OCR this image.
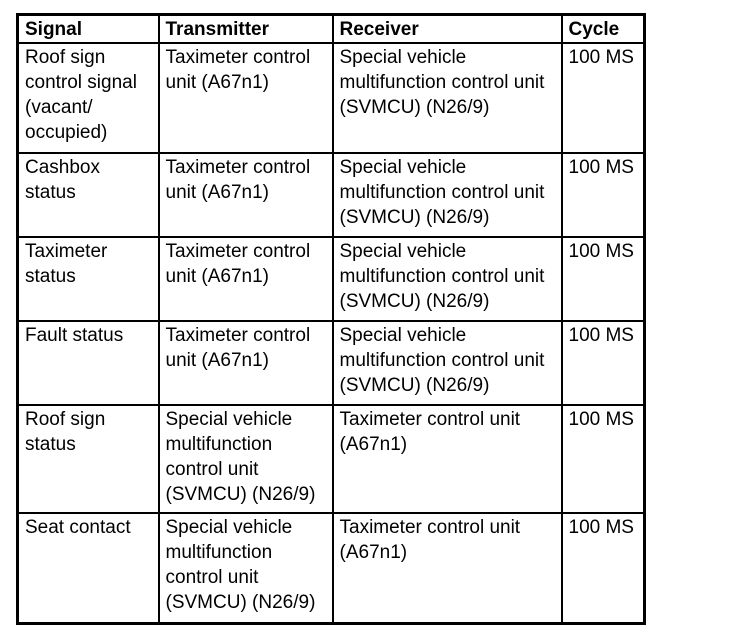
Signal	Transmitter	Receiver	Cycle
Roof sign control signal (vacant/ occupied)	Taximeter control unit (A67n1)	Special vehicle multifunction control unit (SVMCU) (N26/9)	100 MS
Cashbox status	Taximeter control unit (A67n1)	Special vehicle multifunction control unit (SVMCU) (N26/9)	100 MS
Taximeter status	Taximeter control unit (A67n1)	Special vehicle multifunction control unit (SVMCU) (N26/9)	100 MS
Fault status	Taximeter control unit (A67n1)	Special vehicle multifunction control unit (SVMCU) (N26/9)	100 MS
Roof sign status	Special vehicle multifunction control unit (SVMCU) (N26/9)	Taximeter control unit (A67n1)	100 MS
Seat contact	Special vehicle multifunction control unit (SVMCU) (N26/9)	Taximeter control unit (A67n1)	100 MS
